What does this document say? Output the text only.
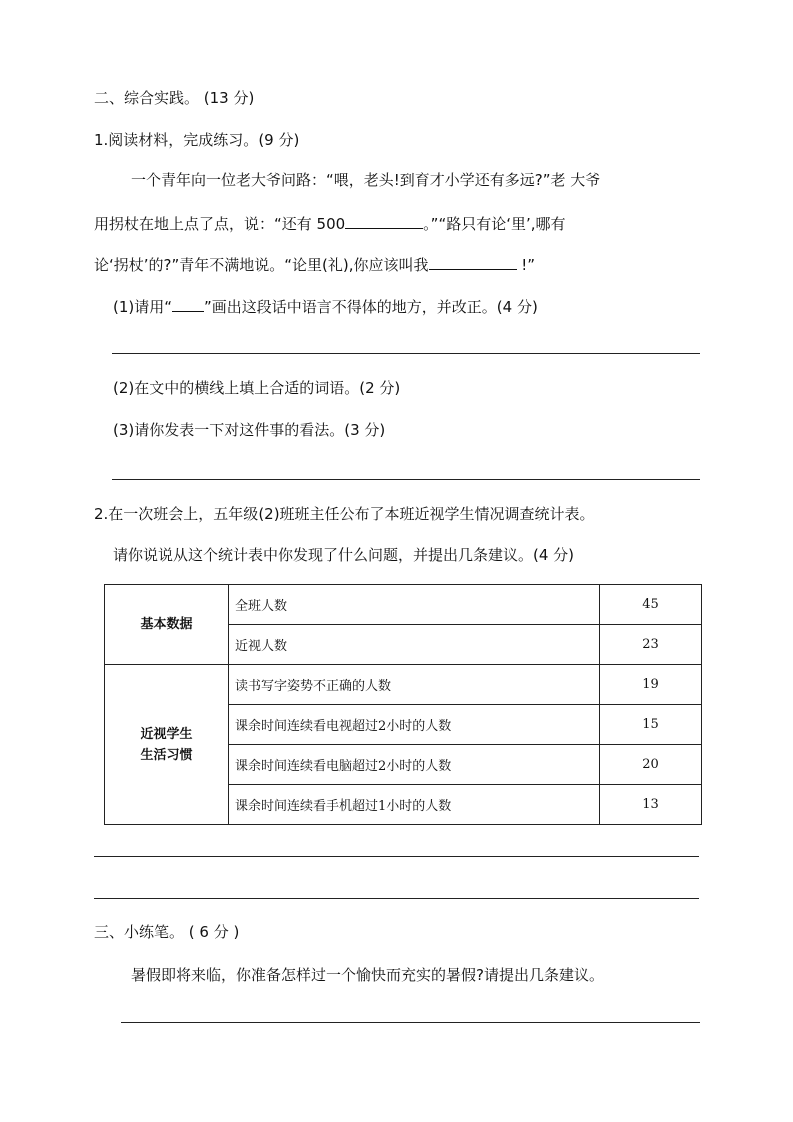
二、综合实践。 (13 分)
1.阅读材料，完成练习。(9 分)
一个青年向一位老大爷问路：“喂，老头!到育才小学还有多远?”老 大爷
用拐杖在地上点了点，说：“还有 500	。”“路只有论‘里’,哪有
论‘拐杖’的?”青年不满地说。“论里(礼),你应该叫我	!”
(1)请用“ ”画出这段话中语言不得体的地方，并改正。(4 分)
(2)在文中的横线上填上合适的词语。(2 分)
(3)请你发表一下对这件事的看法。(3 分)
2.在一次班会上，五年级(2)班班主任公布了本班近视学生情况调查统计表。
请你说说从这个统计表中你发现了什么问题，并提出几条建议。(4 分)
基本数据	全班人数	45
	近视人数	23

近视学生
生活习惯	读书写字姿势不正确的人数	19
	课余时间连续看电视超过2小时的人数	15
	课余时间连续看电脑超过2小时的人数	20
	课余时间连续看手机超过1小时的人数	13
三、小练笔。 ( 6 分 )
暑假即将来临，你准备怎样过一个愉快而充实的暑假?请提出几条建议。
